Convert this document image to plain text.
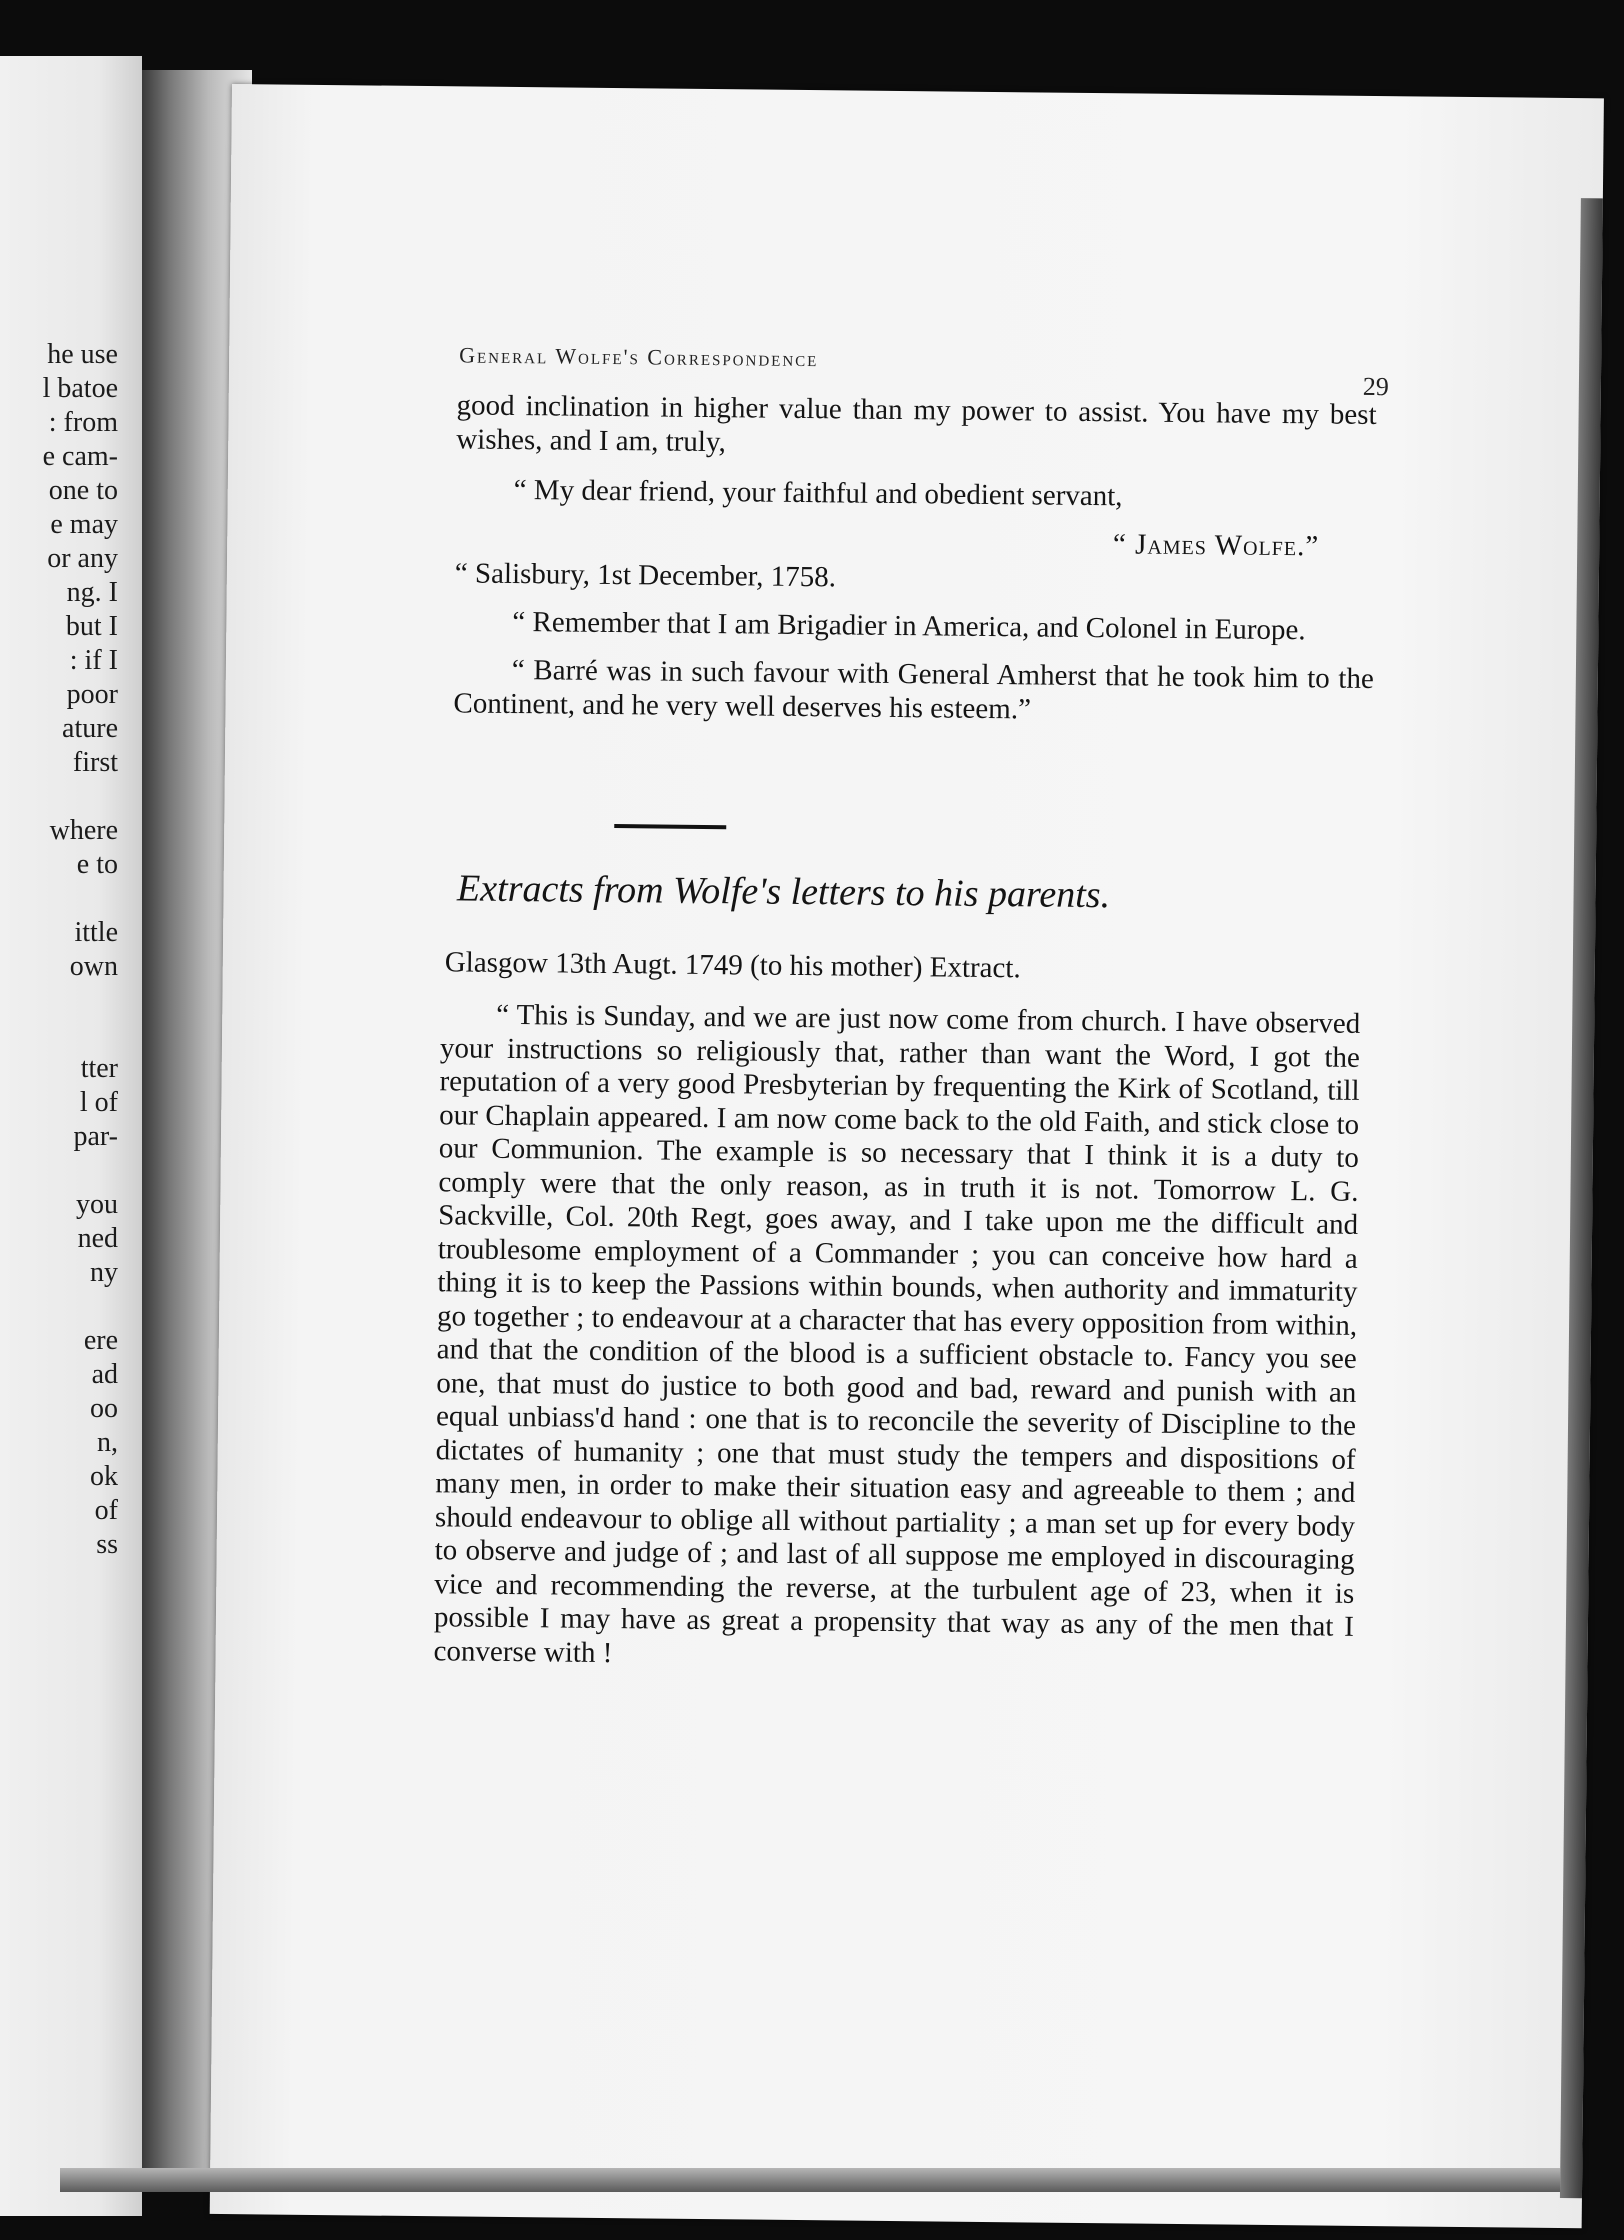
he use
l batoe
: from
e cam-
one to
e may
or any
ng. I
but I
: if I
poor
ature
first
where
e to
ittle
own
tter
l of
par-
you
ned
ny
ere
ad
oo
n,
ok
of
ss
General Wolfe's Correspondence
29

good inclination in higher value than my power to assist. You have my best wishes, and I am, truly,

“ My dear friend, your faithful and obedient servant,

“ James Wolfe.”

“ Salisbury, 1st December, 1758.

“ Remember that I am Brigadier in America, and Colonel in Europe.

“ Barré was in such favour with General Amherst that he took him to the Continent, and he very well deserves his esteem.”

Extracts from Wolfe's letters to his parents.
Glasgow 13th Augt. 1749 (to his mother) Extract.

“ This is Sunday, and we are just now come from church. I have observed your instructions so religiously that, rather than want the Word, I got the reputation of a very good Presbyterian by frequenting the Kirk of Scotland, till our Chaplain appeared. I am now come back to the old Faith, and stick close to our Communion. The example is so necessary that I think it is a duty to comply were that the only reason, as in truth it is not. Tomorrow L. G. Sackville, Col. 20th Regt, goes away, and I take upon me the difficult and troublesome employment of a Commander ; you can conceive how hard a thing it is to keep the Passions within bounds, when authority and immaturity go together ; to endeavour at a character that has every opposition from within, and that the condition of the blood is a sufficient obstacle to. Fancy you see one, that must do justice to both good and bad, reward and punish with an equal unbiass'd hand : one that is to reconcile the severity of Discipline to the dictates of humanity ; one that must study the tempers and dispositions of many men, in order to make their situation easy and agreeable to them ; and should endeavour to oblige all without partiality ; a man set up for every body to observe and judge of ; and last of all suppose me employed in discouraging vice and recommending the reverse, at the turbulent age of 23, when it is possible I may have as great a propensity that way as any of the men that I converse with !
